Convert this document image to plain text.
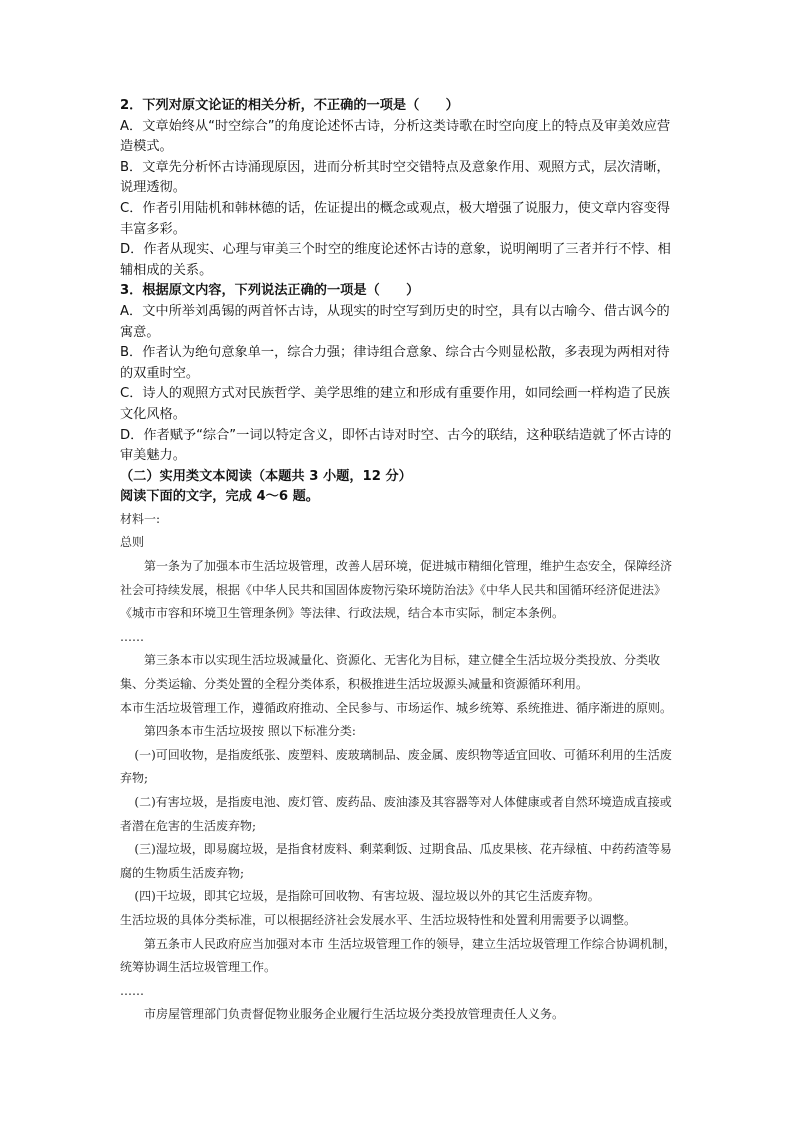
2．下列对原文论证的相关分析，不正确的一项是（　　）

A．文章始终从“时空综合”的角度论述怀古诗，分析这类诗歌在时空向度上的特点及审美效应营造模式。

B．文章先分析怀古诗涌现原因，进而分析其时空交错特点及意象作用、观照方式，层次清晰，说理透彻。

C．作者引用陆机和韩林德的话，佐证提出的概念或观点，极大增强了说服力，使文章内容变得丰富多彩。

D．作者从现实、心理与审美三个时空的维度论述怀古诗的意象，说明阐明了三者并行不悖、相辅相成的关系。

3．根据原文内容，下列说法正确的一项是（　　）

A．文中所举刘禹锡的两首怀古诗，从现实的时空写到历史的时空，具有以古喻今、借古讽今的寓意。

B．作者认为绝句意象单一，综合力强；律诗组合意象、综合古今则显松散，多表现为两相对待的双重时空。

C．诗人的观照方式对民族哲学、美学思维的建立和形成有重要作用，如同绘画一样构造了民族文化风格。

D．作者赋予“综合”一词以特定含义，即怀古诗对时空、古今的联结，这种联结造就了怀古诗的审美魅力。

（二）实用类文本阅读（本题共 3 小题，12 分）

阅读下面的文字，完成 4～6 题。

材料一:

总则

第一条为了加强本市生活垃圾管理，改善人居环境，促进城市精细化管理，维护生态安全，保障经济社会可持续发展，根据《中华人民共和国固体废物污染环境防治法》《中华人民共和国循环经济促进法》《城市市容和环境卫生管理条例》等法律、行政法规，结合本市实际，制定本条例。

……

第三条本市以实现生活垃圾减量化、资源化、无害化为目标，建立健全生活垃圾分类投放、分类收集、分类运输、分类处置的全程分类体系，积极推进生活垃圾源头减量和资源循环利用。

本市生活垃圾管理工作，遵循政府推动、全民参与、市场运作、城乡统筹、系统推进、循序渐进的原则。

第四条本市生活垃圾按 照以下标准分类:

(一)可回收物，是指废纸张、废塑料、废玻璃制品、废金属、废织物等适宜回收、可循环利用的生活废弃物;

(二)有害垃圾，是指废电池、废灯管、废药品、废油漆及其容器等对人体健康或者自然环境造成直接或者潜在危害的生活废弃物;

(三)湿垃圾，即易腐垃圾，是指食材废料、剩菜剩饭、过期食品、瓜皮果核、花卉绿植、中药药渣等易腐的生物质生活废弃物;

(四)干垃圾，即其它垃圾，是指除可回收物、有害垃圾、湿垃圾以外的其它生活废弃物。

生活垃圾的具体分类标准，可以根据经济社会发展水平、生活垃圾特性和处置利用需要予以调整。

第五条市人民政府应当加强对本市 生活垃圾管理工作的领导，建立生活垃圾管理工作综合协调机制，统筹协调生活垃圾管理工作。

……

市房屋管理部门负责督促物业服务企业履行生活垃圾分类投放管理责任人义务。
